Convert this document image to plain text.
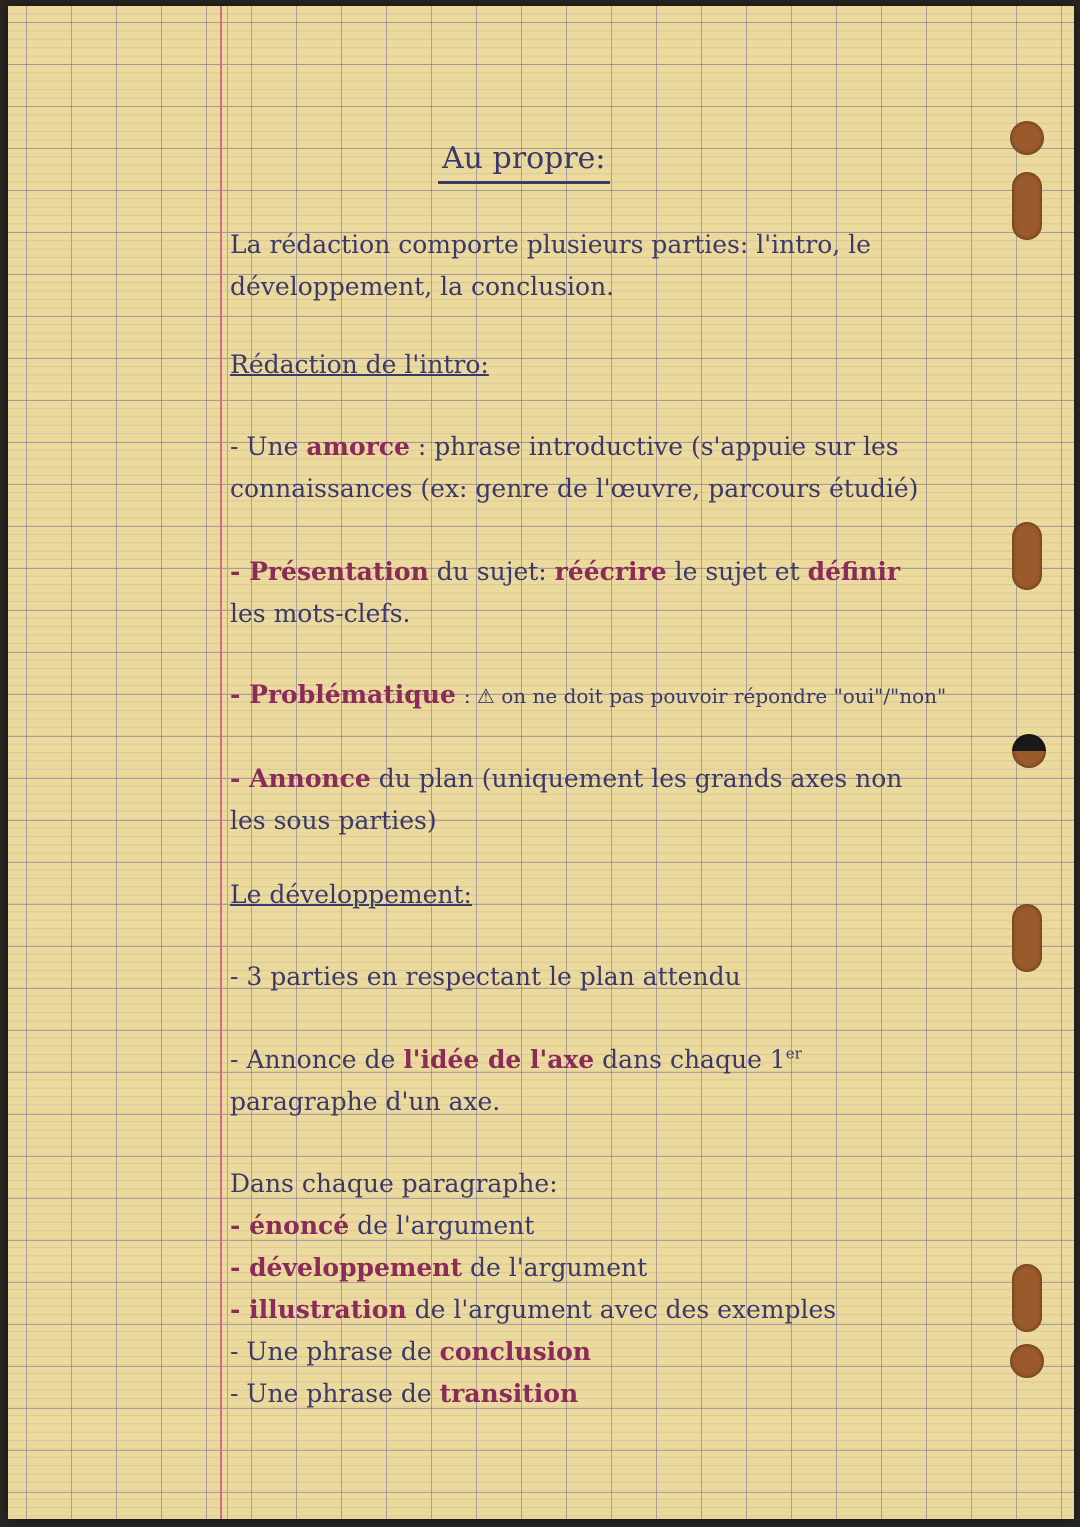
Au propre:
La rédaction comporte plusieurs parties: l'intro, le
développement, la conclusion.
Rédaction de l'intro:
- Une amorce : phrase introductive (s'appuie sur les
connaissances (ex: genre de l'œuvre, parcours étudié)
- Présentation du sujet: réécrire le sujet et définir
les mots-clefs.
- Problématique : ⚠ on ne doit pas pouvoir répondre "oui"/"non"
- Annonce du plan (uniquement les grands axes non
les sous parties)
Le développement:
- 3 parties en respectant le plan attendu
- Annonce de l'idée de l'axe dans chaque 1er
paragraphe d'un axe.
Dans chaque paragraphe:
- énoncé de l'argument
- développement de l'argument
- illustration de l'argument avec des exemples
- Une phrase de conclusion
- Une phrase de transition
